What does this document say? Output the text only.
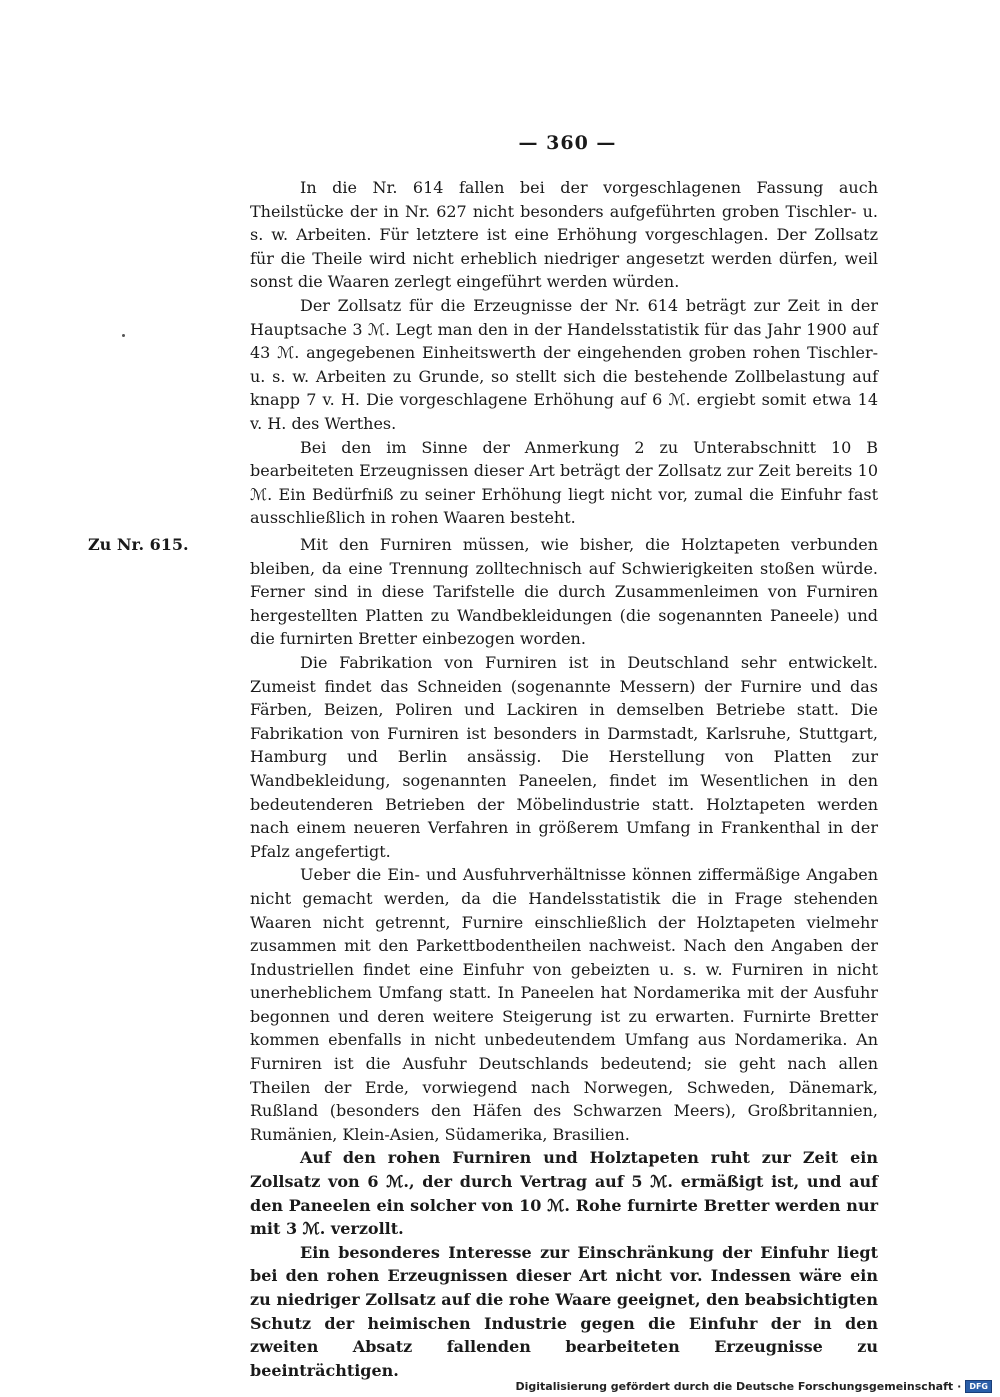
— 360 —

In die Nr. 614 fallen bei der vorgeschlagenen Fassung auch Theilstücke der in Nr. 627 nicht besonders aufgeführten groben Tischler- u. s. w. Arbeiten. Für letztere ist eine Erhöhung vorgeschlagen. Der Zollsatz für die Theile wird nicht erheblich niedriger angesetzt werden dürfen, weil sonst die Waaren zerlegt eingeführt werden würden.

Der Zollsatz für die Erzeugnisse der Nr. 614 beträgt zur Zeit in der Hauptsache 3 ℳ. Legt man den in der Handelsstatistik für das Jahr 1900 auf 43 ℳ. angegebenen Einheitswerth der eingehenden groben rohen Tischler- u. s. w. Arbeiten zu Grunde, so stellt sich die bestehende Zollbelastung auf knapp 7 v. H. Die vorgeschlagene Erhöhung auf 6 ℳ. ergiebt somit etwa 14 v. H. des Werthes.

Bei den im Sinne der Anmerkung 2 zu Unterabschnitt 10 B bearbeiteten Erzeugnissen dieser Art beträgt der Zollsatz zur Zeit bereits 10 ℳ. Ein Bedürfniß zu seiner Erhöhung liegt nicht vor, zumal die Einfuhr fast ausschließlich in rohen Waaren besteht.

Zu Nr. 615.	Mit den Furniren müssen, wie bisher, die Holztapeten verbunden bleiben, da eine Trennung zolltechnisch auf Schwierigkeiten stoßen würde. Ferner sind in diese Tarifstelle die durch Zusammenleimen von Furniren hergestellten Platten zu Wandbekleidungen (die sogenannten Paneele) und die furnirten Bretter einbezogen worden.

Die Fabrikation von Furniren ist in Deutschland sehr entwickelt. Zumeist findet das Schneiden (sogenannte Messern) der Furnire und das Färben, Beizen, Poliren und Lackiren in demselben Betriebe statt. Die Fabrikation von Furniren ist besonders in Darmstadt, Karlsruhe, Stuttgart, Hamburg und Berlin ansässig. Die Herstellung von Platten zur Wandbekleidung, sogenannten Paneelen, findet im Wesentlichen in den bedeutenderen Betrieben der Möbelindustrie statt. Holztapeten werden nach einem neueren Verfahren in größerem Umfang in Frankenthal in der Pfalz angefertigt.

Ueber die Ein- und Ausfuhrverhältnisse können ziffermäßige Angaben nicht gemacht werden, da die Handelsstatistik die in Frage stehenden Waaren nicht getrennt, Furnire einschließlich der Holztapeten vielmehr zusammen mit den Parkettbodentheilen nachweist. Nach den Angaben der Industriellen findet eine Einfuhr von gebeizten u. s. w. Furniren in nicht unerheblichem Umfang statt. In Paneelen hat Nordamerika mit der Ausfuhr begonnen und deren weitere Steigerung ist zu erwarten. Furnirte Bretter kommen ebenfalls in nicht unbedeutendem Umfang aus Nordamerika. An Furniren ist die Ausfuhr Deutschlands bedeutend; sie geht nach allen Theilen der Erde, vorwiegend nach Norwegen, Schweden, Dänemark, Rußland (besonders den Häfen des Schwarzen Meers), Großbritannien, Rumänien, Klein-Asien, Südamerika, Brasilien.

Auf den rohen Furniren und Holztapeten ruht zur Zeit ein Zollsatz von 6 ℳ., der durch Vertrag auf 5 ℳ. ermäßigt ist, und auf den Paneelen ein solcher von 10 ℳ. Rohe furnirte Bretter werden nur mit 3 ℳ. verzollt.

Ein besonderes Interesse zur Einschränkung der Einfuhr liegt bei den rohen Erzeugnissen dieser Art nicht vor. Indessen wäre ein zu niedriger Zollsatz auf die rohe Waare geeignet, den beabsichtigten Schutz der heimischen Industrie gegen die Einfuhr der in den zweiten Absatz fallenden bearbeiteten Erzeugnisse zu beeinträchtigen.

Digitalisierung gefördert durch die Deutsche Forschungsgemeinschaft ·	DFG
